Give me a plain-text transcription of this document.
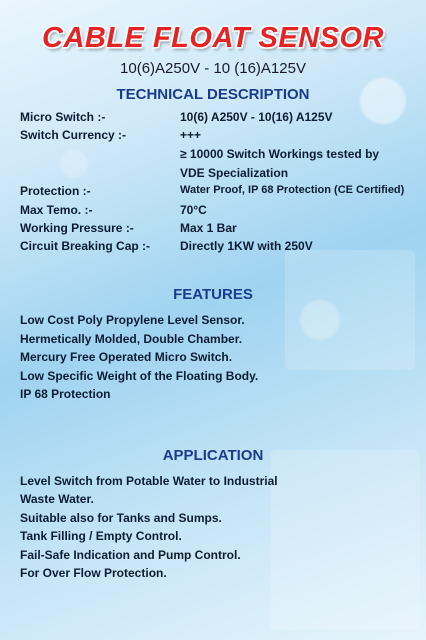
CABLE FLOAT SENSOR
10(6)A250V - 10 (16)A125V
TECHNICAL DESCRIPTION
Micro Switch :-	10(6) A250V - 10(16) A125V
Switch Currency :-	+++
≥ 10000 Switch Workings tested by
VDE Specialization
Protection :-	Water Proof, IP 68 Protection (CE Certified)
Max Temo. :-	70°C
Working Pressure :-	Max 1 Bar
Circuit Breaking Cap :- Directly 1KW with 250V
FEATURES
Low Cost Poly Propylene Level Sensor.
Hermetically Molded, Double Chamber.
Mercury Free Operated Micro Switch.
Low Specific Weight of the Floating Body.
IP 68 Protection
APPLICATION
Level Switch from Potable Water to Industrial
Waste Water.
Suitable also for Tanks and Sumps.
Tank Filling / Empty Control.
Fail-Safe Indication and Pump Control.
For Over Flow Protection.
